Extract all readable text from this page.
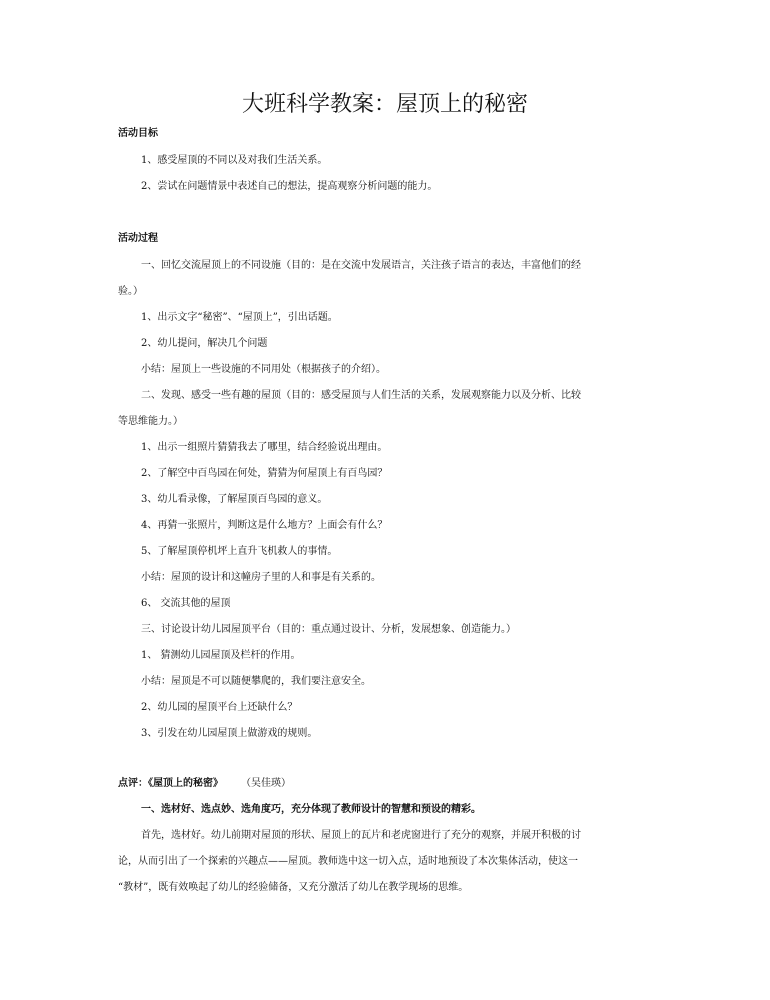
大班科学教案：屋顶上的秘密

活动目标

1、感受屋顶的不同以及对我们生活关系。

2、尝试在问题情景中表述自己的想法，提高观察分析问题的能力。

活动过程

一、回忆交流屋顶上的不同设施（目的：是在交流中发展语言，关注孩子语言的表达，丰富他们的经

验。）

1、出示文字“秘密”、“屋顶上”，引出话题。

2、幼儿提问，解决几个问题

小结：屋顶上一些设施的不同用处（根据孩子的介绍）。

二、发现、感受一些有趣的屋顶（目的：感受屋顶与人们生活的关系，发展观察能力以及分析、比较

等思维能力。）

1、出示一组照片猜猜我去了哪里，结合经验说出理由。

2、了解空中百鸟园在何处，猜猜为何屋顶上有百鸟园？

3、幼儿看录像，了解屋顶百鸟园的意义。

4、再猜一张照片，判断这是什么地方？上面会有什么？

5、了解屋顶停机坪上直升飞机救人的事情。

小结：屋顶的设计和这幢房子里的人和事是有关系的。

6、 交流其他的屋顶

三、讨论设计幼儿园屋顶平台（目的：重点通过设计、分析，发展想象、创造能力。）

1、 猜测幼儿园屋顶及栏杆的作用。

小结：屋顶是不可以随便攀爬的，我们要注意安全。

2、幼儿园的屋顶平台上还缺什么？

3、引发在幼儿园屋顶上做游戏的规则。

点评：《屋顶上的秘密》 （吴佳瑛）

一、选材好、选点妙、选角度巧，充分体现了教师设计的智慧和预设的精彩。

首先，选材好。幼儿前期对屋顶的形状、屋顶上的瓦片和老虎窗进行了充分的观察，并展开积极的讨

论，从而引出了一个探索的兴趣点——屋顶。教师选中这一切入点，适时地预设了本次集体活动，使这一

“教材”，既有效唤起了幼儿的经验储备，又充分激活了幼儿在教学现场的思维。
